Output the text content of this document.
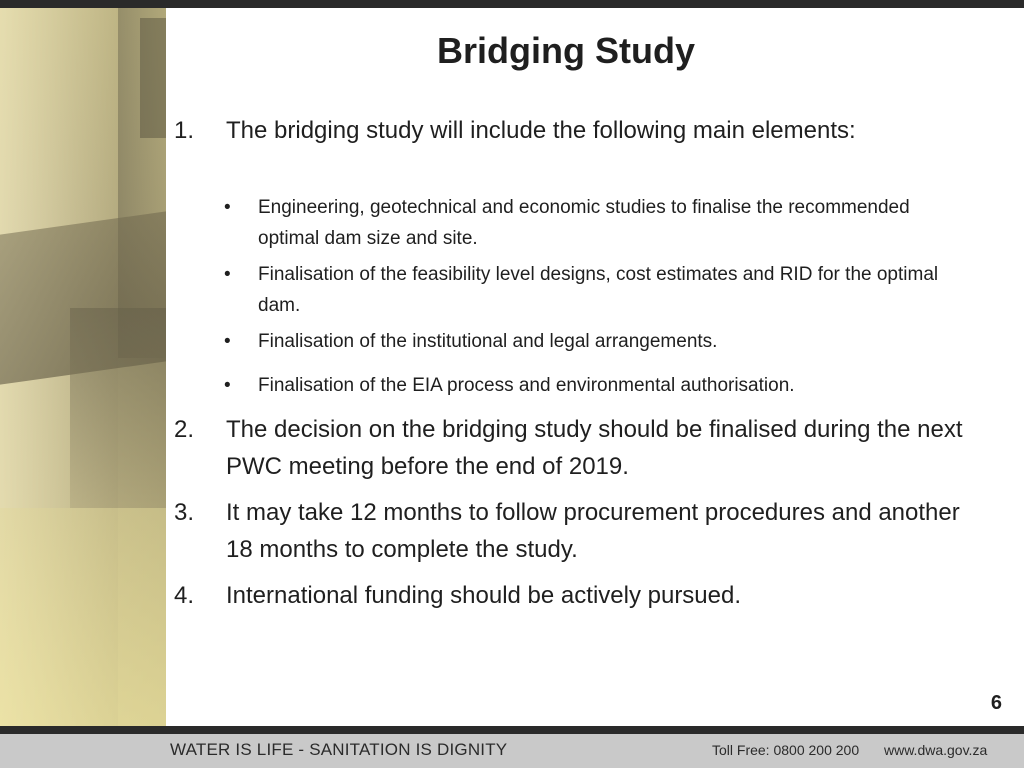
Bridging Study
1. The bridging study will include the following main elements:
• Engineering, geotechnical and economic studies to finalise the recommended optimal dam size and site.
• Finalisation of the feasibility level designs, cost estimates and RID for the optimal dam.
• Finalisation of the institutional and legal arrangements.
• Finalisation of the EIA process and environmental authorisation.
2. The decision on the bridging study should be finalised during the next PWC meeting before the end of 2019.
3. It may take 12 months to follow procurement procedures and another 18 months to complete the study.
4. International funding should be actively pursued.
6
WATER IS LIFE - SANITATION IS DIGNITY	Toll Free: 0800 200 200 www.dwa.gov.za
